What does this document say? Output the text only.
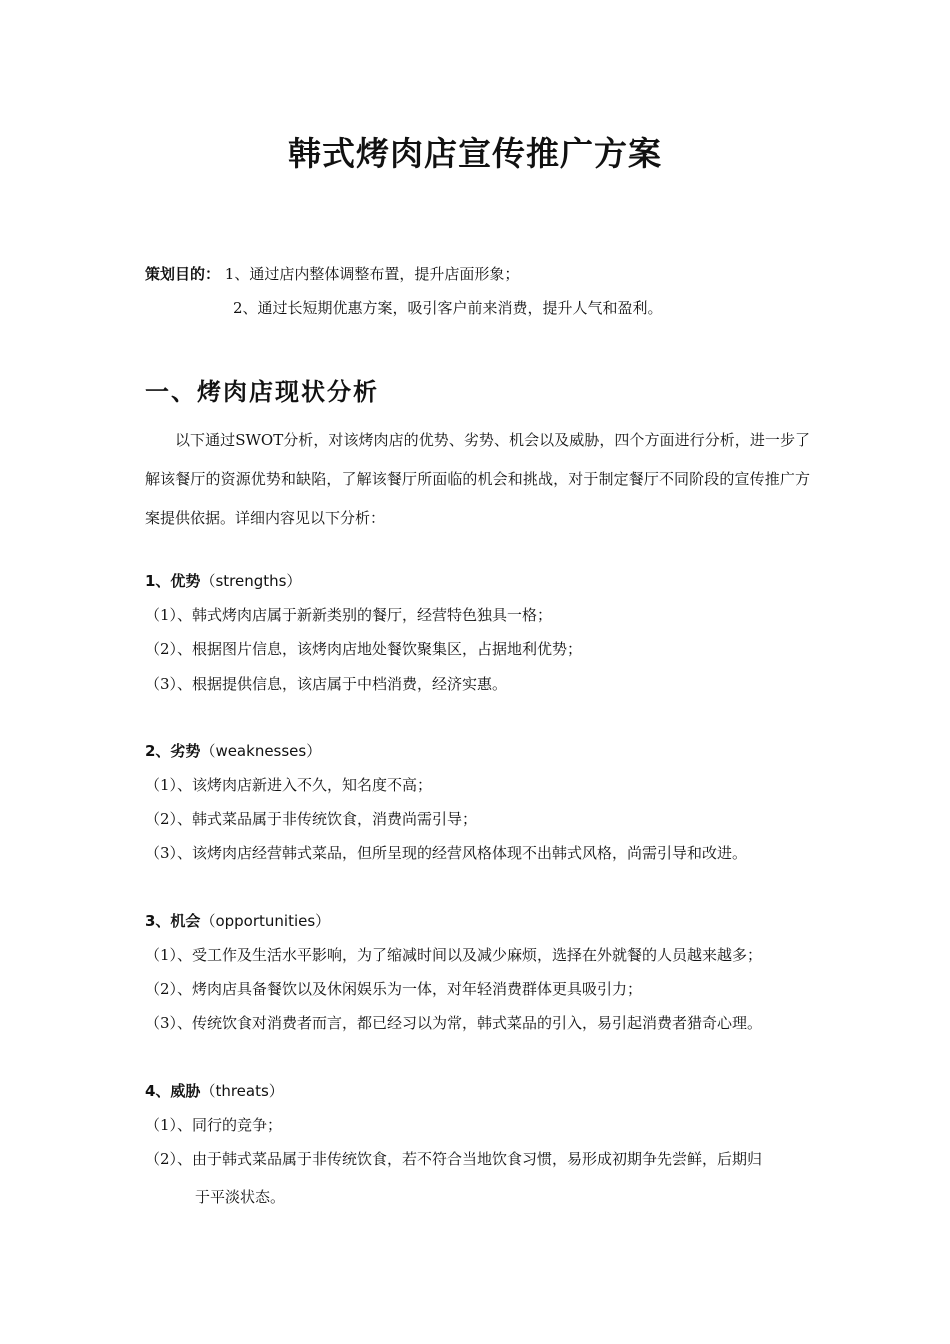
韩式烤肉店宣传推广方案
策划目的： 1、通过店内整体调整布置，提升店面形象；
2、通过长短期优惠方案，吸引客户前来消费，提升人气和盈利。
一、烤肉店现状分析
以下通过SWOT分析，对该烤肉店的优势、劣势、机会以及威胁，四个方面进行分析，进一步了解该餐厅的资源优势和缺陷，了解该餐厅所面临的机会和挑战，对于制定餐厅不同阶段的宣传推广方案提供依据。详细内容见以下分析：
1、优势（strengths）
（1）、韩式烤肉店属于新新类别的餐厅，经营特色独具一格；
（2）、根据图片信息，该烤肉店地处餐饮聚集区，占据地利优势；
（3）、根据提供信息，该店属于中档消费，经济实惠。
2、劣势（weaknesses）
（1）、该烤肉店新进入不久，知名度不高；
（2）、韩式菜品属于非传统饮食，消费尚需引导；
（3）、该烤肉店经营韩式菜品，但所呈现的经营风格体现不出韩式风格，尚需引导和改进。
3、机会（opportunities）
（1）、受工作及生活水平影响，为了缩减时间以及减少麻烦，选择在外就餐的人员越来越多；
（2）、烤肉店具备餐饮以及休闲娱乐为一体，对年轻消费群体更具吸引力；
（3）、传统饮食对消费者而言，都已经习以为常，韩式菜品的引入，易引起消费者猎奇心理。
4、威胁（threats）
（1）、同行的竞争；
（2）、由于韩式菜品属于非传统饮食，若不符合当地饮食习惯，易形成初期争先尝鲜，后期归
于平淡状态。
